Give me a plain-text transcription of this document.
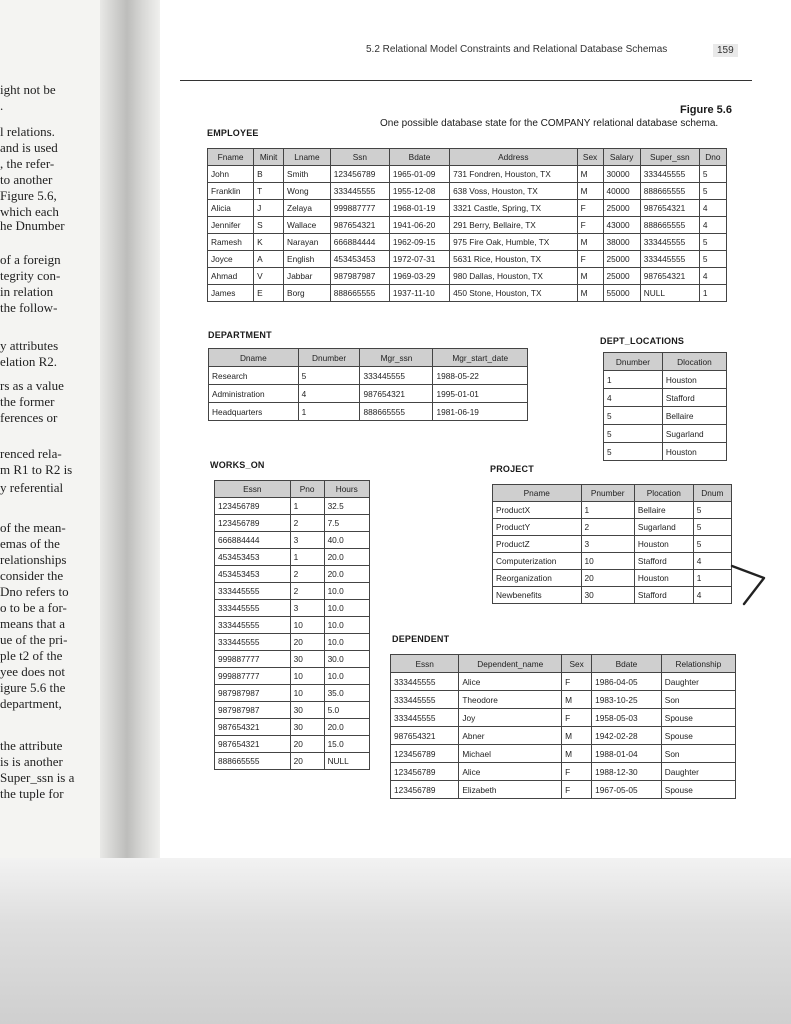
ight not be
.
l relations.
and is used
, the refer-
to another
Figure 5.6,
which each
he Dnumber
of a foreign
tegrity con-
in relation
the follow-
y attributes
elation R2.
rs as a value
the former
ferences or
renced rela-
m R1 to R2 is
y referential
of the mean-
emas of the
relationships
consider the
Dno refers to
o to be a for-
means that a
ue of the pri-
ple t2 of the
yee does not
igure 5.6 the
department,
the attribute
is is another
Super_ssn is a
the tuple for
5.2 Relational Model Constraints and Relational Database Schemas	159
Figure 5.6
One possible database state for the COMPANY relational database schema.
EMPLOYEE
Fname	Minit	Lname	Ssn	Bdate	Address	Sex	Salary	Super_ssn	Dno
John	B	Smith	123456789	1965-01-09	731 Fondren, Houston, TX	M	30000	333445555	5
Franklin	T	Wong	333445555	1955-12-08	638 Voss, Houston, TX	M	40000	888665555	5
Alicia	J	Zelaya	999887777	1968-01-19	3321 Castle, Spring, TX	F	25000	987654321	4
Jennifer	S	Wallace	987654321	1941-06-20	291 Berry, Bellaire, TX	F	43000	888665555	4
Ramesh	K	Narayan	666884444	1962-09-15	975 Fire Oak, Humble, TX	M	38000	333445555	5
Joyce	A	English	453453453	1972-07-31	5631 Rice, Houston, TX	F	25000	333445555	5
Ahmad	V	Jabbar	987987987	1969-03-29	980 Dallas, Houston, TX	M	25000	987654321	4
James	E	Borg	888665555	1937-11-10	450 Stone, Houston, TX	M	55000	NULL	1
DEPARTMENT
Dname	Dnumber	Mgr_ssn	Mgr_start_date
Research	5	333445555	1988-05-22
Administration	4	987654321	1995-01-01
Headquarters	1	888665555	1981-06-19
DEPT_LOCATIONS
Dnumber	Dlocation
1	Houston
4	Stafford
5	Bellaire
5	Sugarland
5	Houston
WORKS_ON
Essn	Pno	Hours
123456789	1	32.5
123456789	2	7.5
666884444	3	40.0
453453453	1	20.0
453453453	2	20.0
333445555	2	10.0
333445555	3	10.0
333445555	10	10.0
333445555	20	10.0
999887777	30	30.0
999887777	10	10.0
987987987	10	35.0
987987987	30	5.0
987654321	30	20.0
987654321	20	15.0
888665555	20	NULL
PROJECT
Pname	Pnumber	Plocation	Dnum
ProductX	1	Bellaire	5
ProductY	2	Sugarland	5
ProductZ	3	Houston	5
Computerization	10	Stafford	4
Reorganization	20	Houston	1
Newbenefits	30	Stafford	4
DEPENDENT
Essn	Dependent_name	Sex	Bdate	Relationship
333445555	Alice	F	1986-04-05	Daughter
333445555	Theodore	M	1983-10-25	Son
333445555	Joy	F	1958-05-03	Spouse
987654321	Abner	M	1942-02-28	Spouse
123456789	Michael	M	1988-01-04	Son
123456789	Alice	F	1988-12-30	Daughter
123456789	Elizabeth	F	1967-05-05	Spouse
